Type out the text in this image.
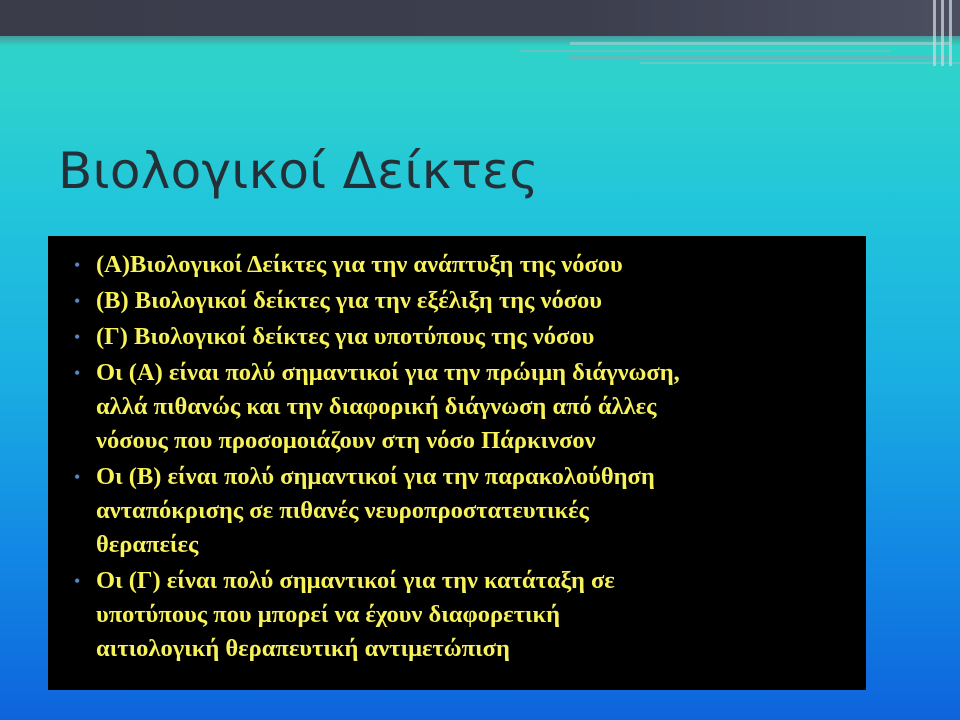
Βιολογικοί Δείκτες
• (Α)Βιολογικοί Δείκτες για την ανάπτυξη της νόσου
• (Β) Βιολογικοί δείκτες για την εξέλιξη της νόσου
• (Γ) Βιολογικοί δείκτες για υποτύπους της νόσου
• Οι (Α) είναι πολύ σημαντικοί για την πρώιμη διάγνωση,
αλλά πιθανώς και την διαφορική διάγνωση από άλλες
νόσους που προσομοιάζουν στη νόσο Πάρκινσον
• Οι (Β) είναι πολύ σημαντικοί για την παρακολούθηση
ανταπόκρισης σε πιθανές νευροπροστατευτικές
θεραπείες
• Οι (Γ) είναι πολύ σημαντικοί για την κατάταξη σε
υποτύπους που μπορεί να έχουν διαφορετική
αιτιολογική θεραπευτική αντιμετώπιση
